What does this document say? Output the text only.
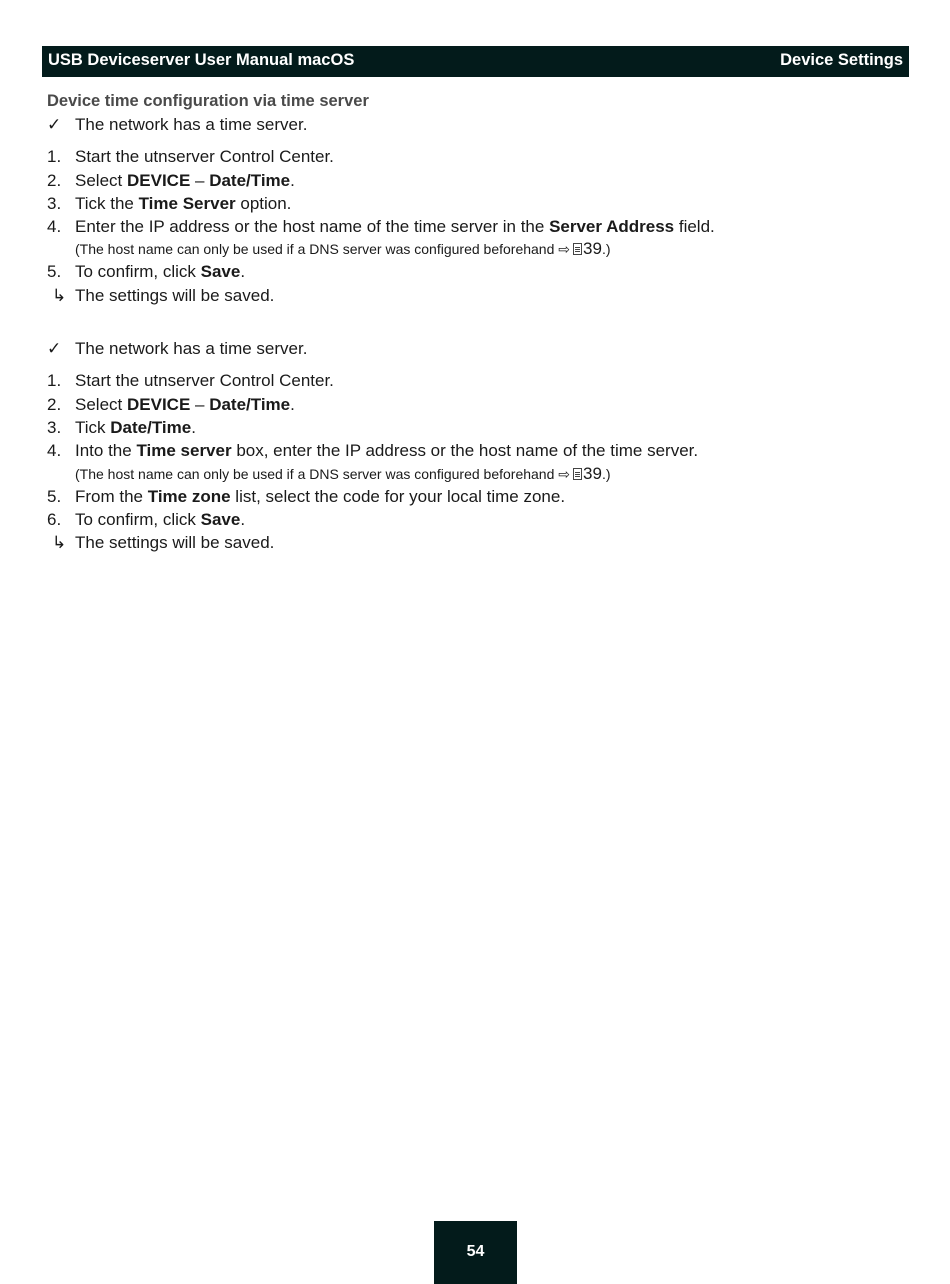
USB Deviceserver User Manual macOS	Device Settings
Device time configuration via time server
✓ The network has a time server.
1. Start the utnserver Control Center.
2. Select DEVICE – Date/Time.
3. Tick the Time Server option.
4. Enter the IP address or the host name of the time server in the Server Address field.
(The host name can only be used if a DNS server was configured beforehand ⇨ 39.)
5. To confirm, click Save.
↳ The settings will be saved.
✓ The network has a time server.
1. Start the utnserver Control Center.
2. Select DEVICE – Date/Time.
3. Tick Date/Time.
4. Into the Time server box, enter the IP address or the host name of the time server.
(The host name can only be used if a DNS server was configured beforehand ⇨ 39.)
5. From the Time zone list, select the code for your local time zone.
6. To confirm, click Save.
↳ The settings will be saved.
54
